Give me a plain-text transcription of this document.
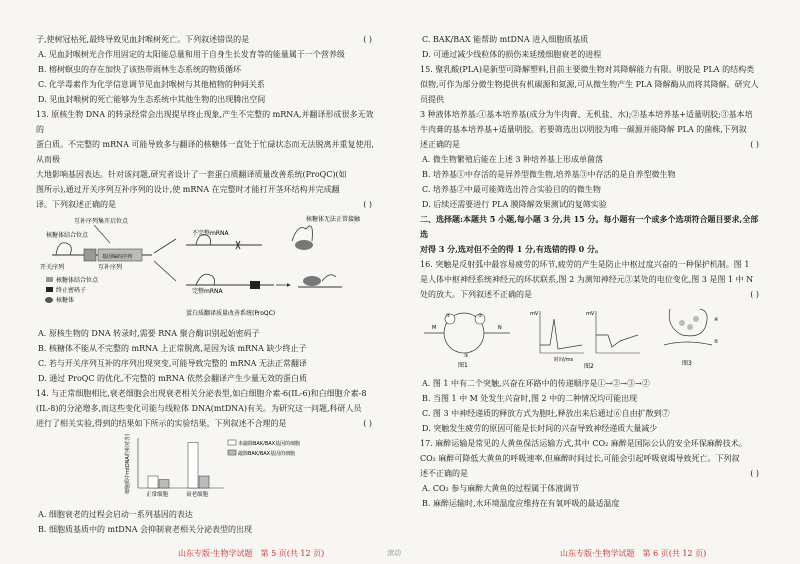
子,使树冠枯死,最终导致见血封喉树死亡。下列叙述错误的是	( )

A. 见血封喉树光合作用固定的太阳能总量和用于自身生长发育等的能量属于一个营养级

B. 榕树螟虫的存在加快了该热带雨林生态系统的物质循环

C. 化学毒素作为化学信息调节见血封喉树与其他植物的种间关系

D. 见血封喉树的死亡能够为生态系统中其他生物的出现腾出空间

13. 原核生物 DNA 的转录经常会出现提早终止现象,产生不完整的 mRNA,并翻译形成很多无效的

蛋白质。不完整的 mRNA 可能导致多与翻译的核糖体一直处于忙碌状态而无法脱离并重复使用,从而极

大地影响基因表达。针对该问题,研究者设计了一套蛋白质翻译质量改善系统(ProQC)(如

图所示),通过开关序列互补序列的设计,使 mRNA 在完整时才能打开茎环结构并完成翻

译。下列叙述正确的是	( )

互补序列集开启位点
核糖体结合位点
基因编码序列
开关序列	互补序列
核糖体结合位点
终止密码子
核糖体
不完整mRNA
核糖体无法正常接触
完整mRNA
蛋白质翻译质量改善系统(ProQC)

A. 原核生物的 DNA 转录时,需要 RNA 聚合酶识别起始密码子

B. 核糖体不能从不完整的 mRNA 上正常脱离,是因为该 mRNA 缺少终止子

C. 若与开关序列互补的序列出现突变,可能导致完整的 mRNA 无法正常翻译

D. 通过 ProQC 的优化,不完整的 mRNA 依然会翻译产生少量无效的蛋白质

14. 与正常细胞相比,衰老细胞会出现衰老相关分泌表型,如白细胞介素-6(IL-6)和白细胞介素-8

(IL-8)的分泌增多,而这些变化可能与线粒体 DNA(mtDNA)有关。为研究这一问题,科研人员

进行了相关实验,得到的结果如下所示的实验结果。下列叙述不合理的是	( )

细胞质中mtDNA的相对含量
正常细胞	衰老细胞
未敲除BAK/BAX基因的细胞
敲除BAK/BAX基因的细胞

A. 细胞衰老的过程会启动一系列基因的表达

B. 细胞质基质中的 mtDNA 会抑制衰老相关分泌表型的出现

C. BAK/BAX 能帮助 mtDNA 进入细胞质基质

D. 可通过减少线粒体的损伤来延缓细胞衰老的进程

15. 聚乳酸(PLA)是新型可降解塑料,目前主要微生物对其降解能力有限。明胶是 PLA 的结构类

似物,可作为部分微生物提供有机碳源和氮源,可从微生物产生 PLA 降解酶从而将其降解。研究人员提供

3 种液体培养基:①基本培养基(成分为牛肉膏、无机盐、水);②基本培养基+适量明胶;③基本培

牛肉膏的基本培养基+适量明胶。若要筛选出以明胶为唯一碳源并能降解 PLA 的菌株,下列叙

述正确的是	( )

A. 微生物繁殖后能在上述 3 种培养基上形成单菌落

B. 培养基①中存活的是异养型微生物,培养基③中存活的是自养型微生物

C. 培养基②中最可能筛选出符合实验目的的微生物

D. 后续还需要进行 PLA 膜降解效果测试的复筛实验

二、选择题:本题共 5 小题,每小题 3 分,共 15 分。每小题有一个或多个选项符合题目要求,全部选

对得 3 分,选对但不全的得 1 分,有选错的得 0 分。

16. 突触是反射弧中最容易疲劳的环节,疲劳的产生是防止中枢过度兴奋的一种保护机制。图 1

是人体中枢神经系统神经元的环状联系,图 2 为测知神经元③某处的电位变化,图 3 是图 1 中 N

处的放大。下列叙述不正确的是	( )

①	②
③
M	N
图1
mV	mV
时间/ms
图2
④
⑤
图3

A. 图 1 中有二个突触,兴奋在环路中的传递顺序是①→②→③→②

B. 当图 1 中 M 处发生兴奋时,图 2 中的二种情况均可能出现

C. 图 3 中神经递质的释放方式为胞吐,释放出来后通过⑥自由扩散到⑦

D. 突触发生疲劳的原因可能是长时间的兴奋导致神经递质大量减少

17. 麻醉运输是常见的人黄鱼保活运输方式,其中 CO₂ 麻醉是国际公认的安全环保麻醉技术。

CO₂ 麻醉可降低大黄鱼的呼吸速率,但麻醉时间过长,可能会引起呼吸衰竭导致死亡。下列叙

述不正确的是	( )

A. CO₂ 参与麻醉大黄鱼的过程属于体液调节

B. 麻醉运输时,水环境温度应维持在有氧呼吸的最适温度

山东专版·生物学试题　第 5 页(共 12 页)	滚动	山东专版·生物学试题　第 6 页(共 12 页)
